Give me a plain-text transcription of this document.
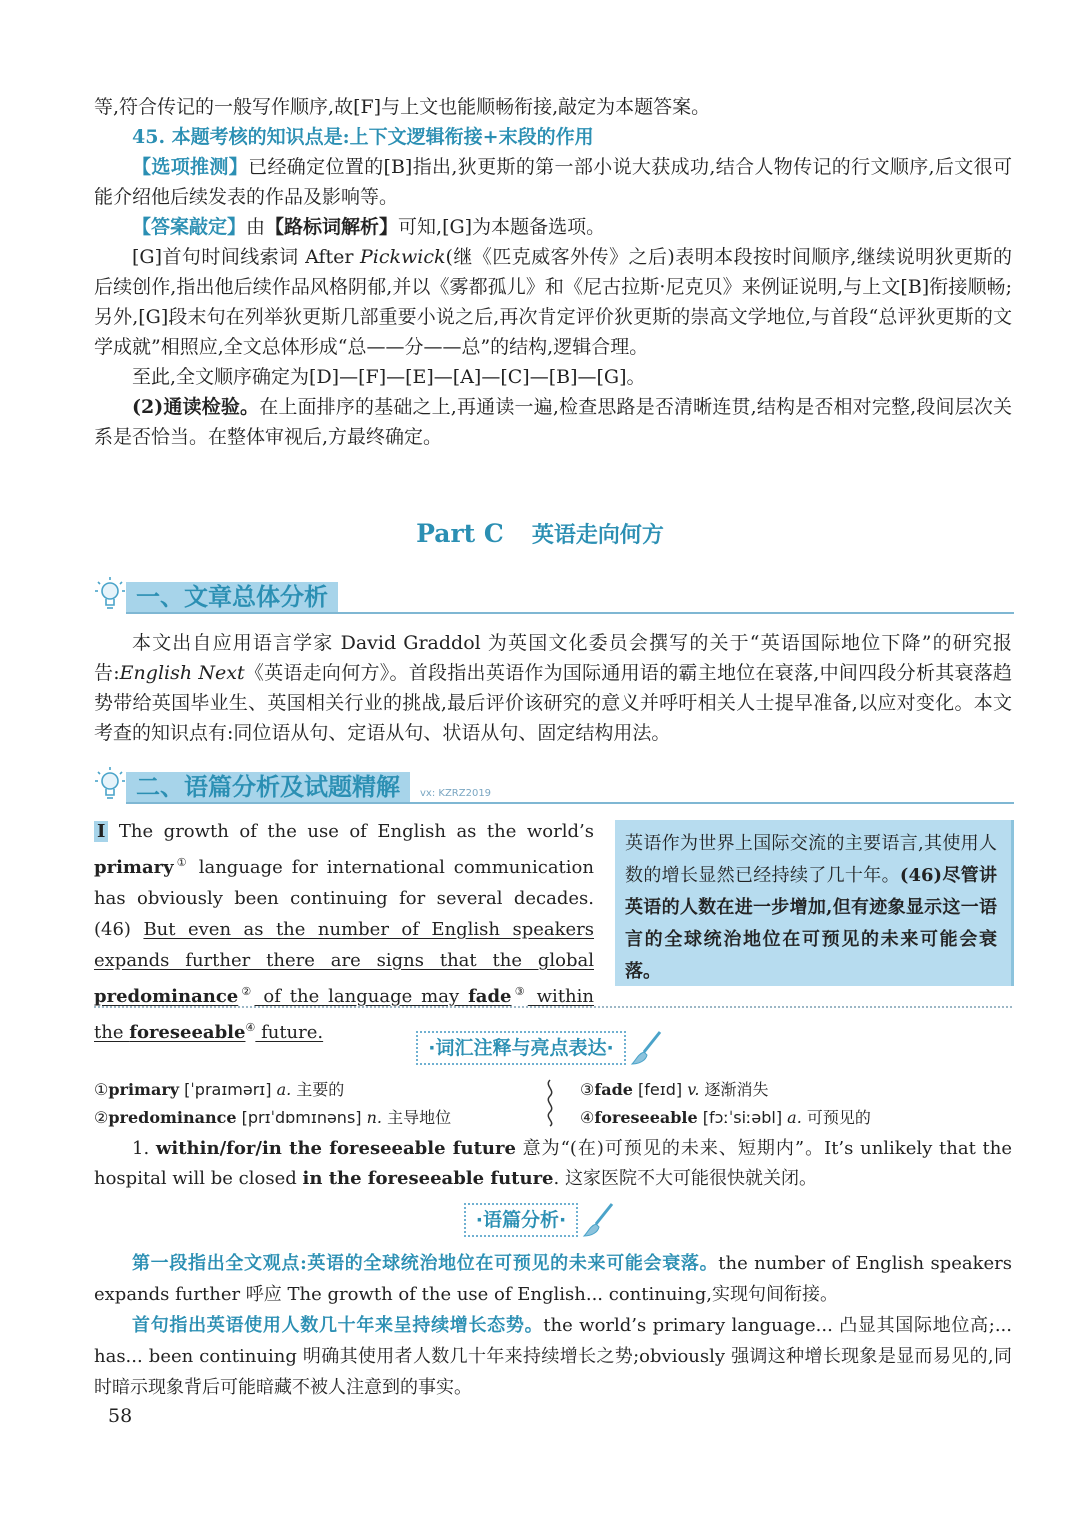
等,符合传记的一般写作顺序,故[F]与上文也能顺畅衔接,敲定为本题答案。

45. 本题考核的知识点是:上下文逻辑衔接+末段的作用

【选项推测】已经确定位置的[B]指出,狄更斯的第一部小说大获成功,结合人物传记的行文顺序,后文很可能介绍他后续发表的作品及影响等。

【答案敲定】由【路标词解析】可知,[G]为本题备选项。

[G]首句时间线索词 After Pickwick(继《匹克威客外传》之后)表明本段按时间顺序,继续说明狄更斯的后续创作,指出他后续作品风格阴郁,并以《雾都孤儿》和《尼古拉斯·尼克贝》来例证说明,与上文[B]衔接顺畅;另外,[G]段末句在列举狄更斯几部重要小说之后,再次肯定评价狄更斯的崇高文学地位,与首段“总评狄更斯的文学成就”相照应,全文总体形成“总——分——总”的结构,逻辑合理。

至此,全文顺序确定为[D]—[F]—[E]—[A]—[C]—[B]—[G]。

(2)通读检验。在上面排序的基础之上,再通读一遍,检查思路是否清晰连贯,结构是否相对完整,段间层次关系是否恰当。在整体审视后,方最终确定。

Part C 英语走向何方
一、文章总体分析

本文出自应用语言学家 David Graddol 为英国文化委员会撰写的关于“英语国际地位下降”的研究报告:English Next《英语走向何方》。首段指出英语作为国际通用语的霸主地位在衰落,中间四段分析其衰落趋势带给英国毕业生、英国相关行业的挑战,最后评价该研究的意义并呼吁相关人士提早准备,以应对变化。本文考查的知识点有:同位语从句、定语从句、状语从句、固定结构用法。

二、语篇分析及试题精解	vx: KZRZ2019

I The growth of the use of English as the world’s primary① language for international communication has obviously been continuing for several decades. (46) But even as the number of English speakers expands further there are signs that the global predominance② of the language may fade③ within the foreseeable④ future.

英语作为世界上国际交流的主要语言,其使用人数的增长显然已经持续了几十年。(46)尽管讲英语的人数在进一步增加,但有迹象显示这一语言的全球统治地位在可预见的未来可能会衰落。

·词汇注释与亮点表达·
①primary [ˈpraɪmərɪ] a. 主要的
②predominance [prɪˈdɒmɪnəns] n. 主导地位
③fade [feɪd] v. 逐渐消失
④foreseeable [fɔːˈsiːəbl] a. 可预见的

1. within/for/in the foreseeable future 意为“(在)可预见的未来、短期内”。It’s unlikely that the hospital will be closed in the foreseeable future. 这家医院不大可能很快就关闭。

·语篇分析·

第一段指出全文观点:英语的全球统治地位在可预见的未来可能会衰落。the number of English speakers expands further 呼应 The growth of the use of English... continuing,实现句间衔接。

首句指出英语使用人数几十年来呈持续增长态势。the world’s primary language... 凸显其国际地位高;... has... been continuing 明确其使用者人数几十年来持续增长之势;obviously 强调这种增长现象是显而易见的,同时暗示现象背后可能暗藏不被人注意到的事实。

58
